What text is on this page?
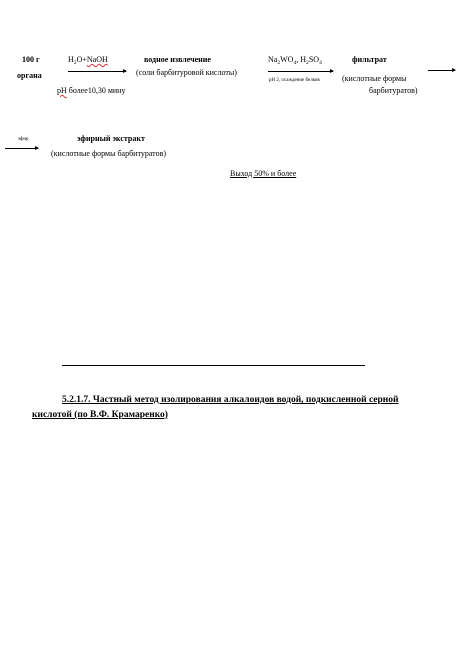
100 г
органа
$H_2O+NaOH$
рН более10,30 мину
водное извлечение
(соли барбитуровой кислоты)
$Na_2WO_4$, $H_2SO_4$
рН 2, осаждение белков
фильтрат
(кислотные формы
барбитуратов)
эфир	эфирный экстракт
(кислотные формы барбитуратов)
Выход 50% и более
5.2.1.7. Частный метод изолирования алкалоидов водой, подкисленной серной кислотой (по В.Ф. Крамаренко)
